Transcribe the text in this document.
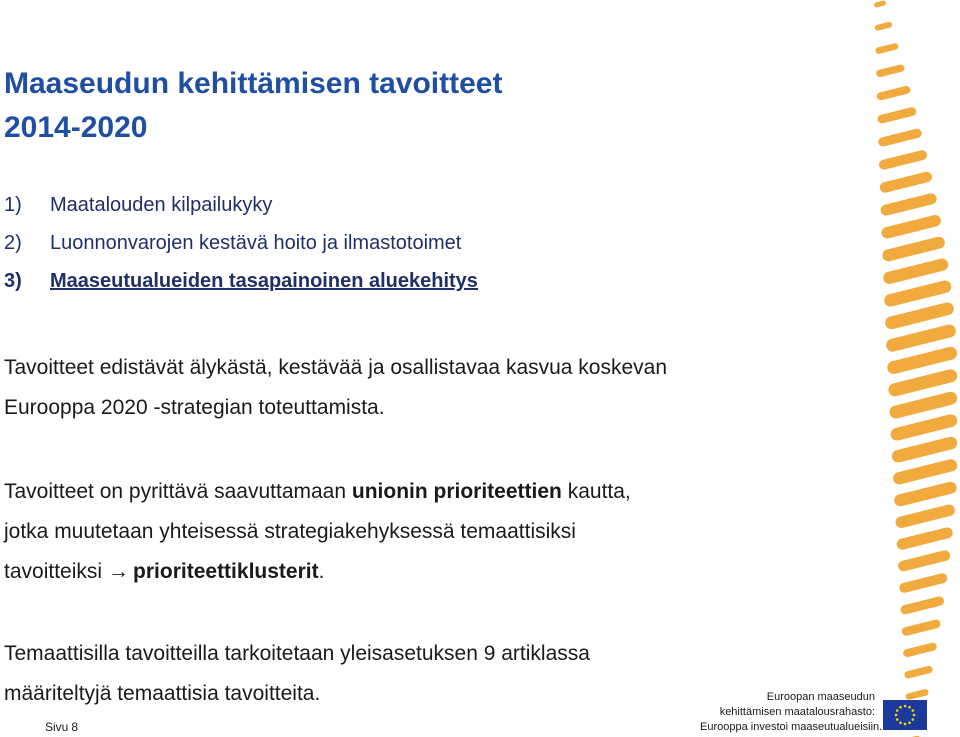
Maaseudun kehittämisen tavoitteet
2014-2020
1) Maatalouden kilpailukyky
2) Luonnonvarojen kestävä hoito ja ilmastotoimet
3) Maaseutualueiden tasapainoinen aluekehitys

Tavoitteet edistävät älykästä, kestävää ja osallistavaa kasvua koskevan
Eurooppa 2020 -strategian toteuttamista.

Tavoitteet on pyrittävä saavuttamaan unionin prioriteettien kautta,
jotka muutetaan yhteisessä strategiakehyksessä temaattisiksi
tavoitteiksi → prioriteettiklusterit.

Temaattisilla tavoitteilla tarkoitetaan yleisasetuksen 9 artiklassa
määriteltyjä temaattisia tavoitteita.

Sivu 8
Euroopan maaseudun
kehittämisen maatalousrahasto:
Eurooppa investoi maaseutualueisiin.
